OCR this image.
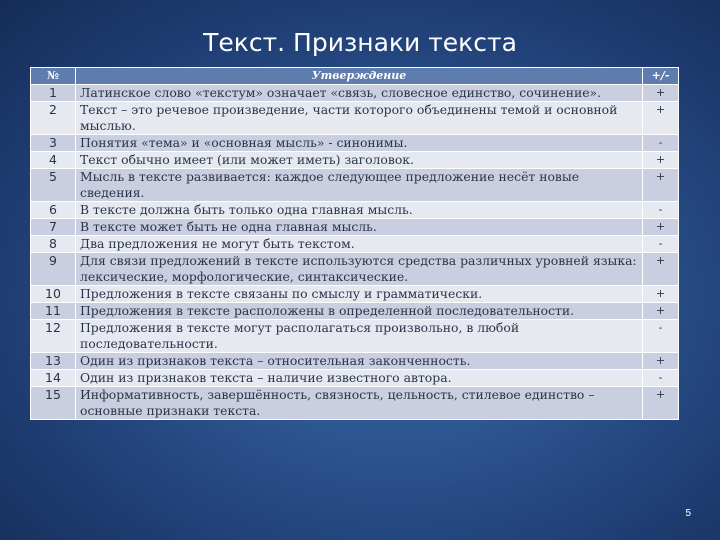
Текст. Признаки текста
№	Утверждение	+/-
1	Латинское слово «текстум» означает «связь, словесное единство, сочинение».	+
2	Текст – это речевое произведение, части которого объединены темой и основной мыслью.	+
3	Понятия «тема» и «основная мысль» - синонимы.	-
4	Текст обычно имеет (или может иметь) заголовок.	+
5	Мысль в тексте развивается: каждое следующее предложение несёт новые сведения.	+
6	В тексте должна быть только одна главная мысль.	-
7	В тексте может быть не одна главная мысль.	+
8	Два предложения не могут быть текстом.	-
9	Для связи предложений в тексте используются средства различных уровней языка: лексические, морфологические, синтаксические.	+
10	Предложения в тексте связаны по смыслу и грамматически.	+
11	Предложения в тексте расположены в определенной последовательности.	+
12	Предложения в тексте могут располагаться произвольно, в любой последовательности.	-
13	Один из признаков текста – относительная законченность.	+
14	Один из признаков текста – наличие известного автора.	-
15	Информативность, завершённость, связность, цельность, стилевое единство – основные признаки текста.	+
5
